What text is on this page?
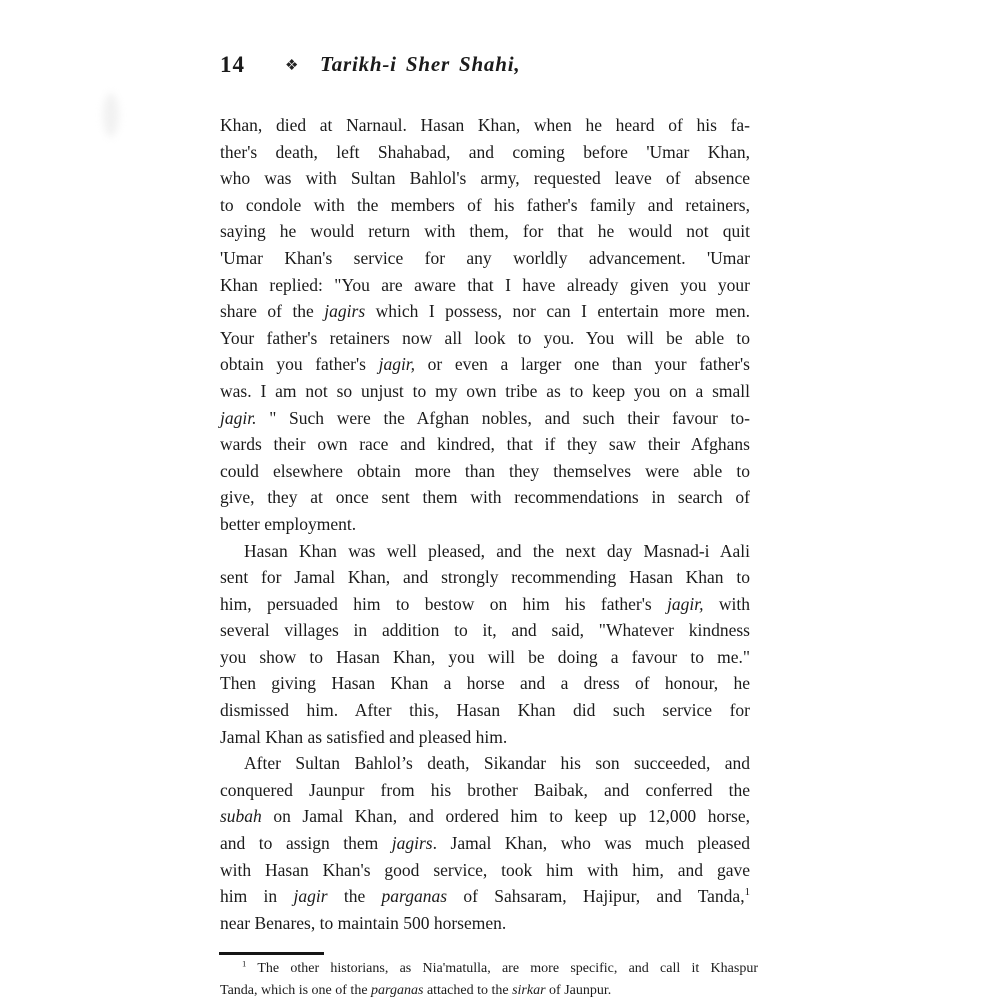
14	❖ Tarikh-i Sher Shahi,
Khan, died at Narnaul. Hasan Khan, when he heard of his fa-
ther's death, left Shahabad, and coming before 'Umar Khan,
who was with Sultan Bahlol's army, requested leave of absence
to condole with the members of his father's family and retainers,
saying he would return with them, for that he would not quit
'Umar Khan's service for any worldly advancement. 'Umar
Khan replied: "You are aware that I have already given you your
share of the jagirs which I possess, nor can I entertain more men.
Your father's retainers now all look to you. You will be able to
obtain you father's jagir, or even a larger one than your father's
was. I am not so unjust to my own tribe as to keep you on a small
jagir. " Such were the Afghan nobles, and such their favour to-
wards their own race and kindred, that if they saw their Afghans
could elsewhere obtain more than they themselves were able to
give, they at once sent them with recommendations in search of
better employment.
Hasan Khan was well pleased, and the next day Masnad-i Aali
sent for Jamal Khan, and strongly recommending Hasan Khan to
him, persuaded him to bestow on him his father's jagir, with
several villages in addition to it, and said, "Whatever kindness
you show to Hasan Khan, you will be doing a favour to me."
Then giving Hasan Khan a horse and a dress of honour, he
dismissed him. After this, Hasan Khan did such service for
Jamal Khan as satisfied and pleased him.
After Sultan Bahlol’s death, Sikandar his son succeeded, and
conquered Jaunpur from his brother Baibak, and conferred the
subah on Jamal Khan, and ordered him to keep up 12,000 horse,
and to assign them jagirs. Jamal Khan, who was much pleased
with Hasan Khan's good service, took him with him, and gave
him in jagir the parganas of Sahsaram, Hajipur, and Tanda,$^1$
near Benares, to maintain 500 horsemen.
$^1$ The other historians, as Nia'matulla, are more specific, and call it Khaspur
Tanda, which is one of the parganas attached to the sirkar of Jaunpur.
